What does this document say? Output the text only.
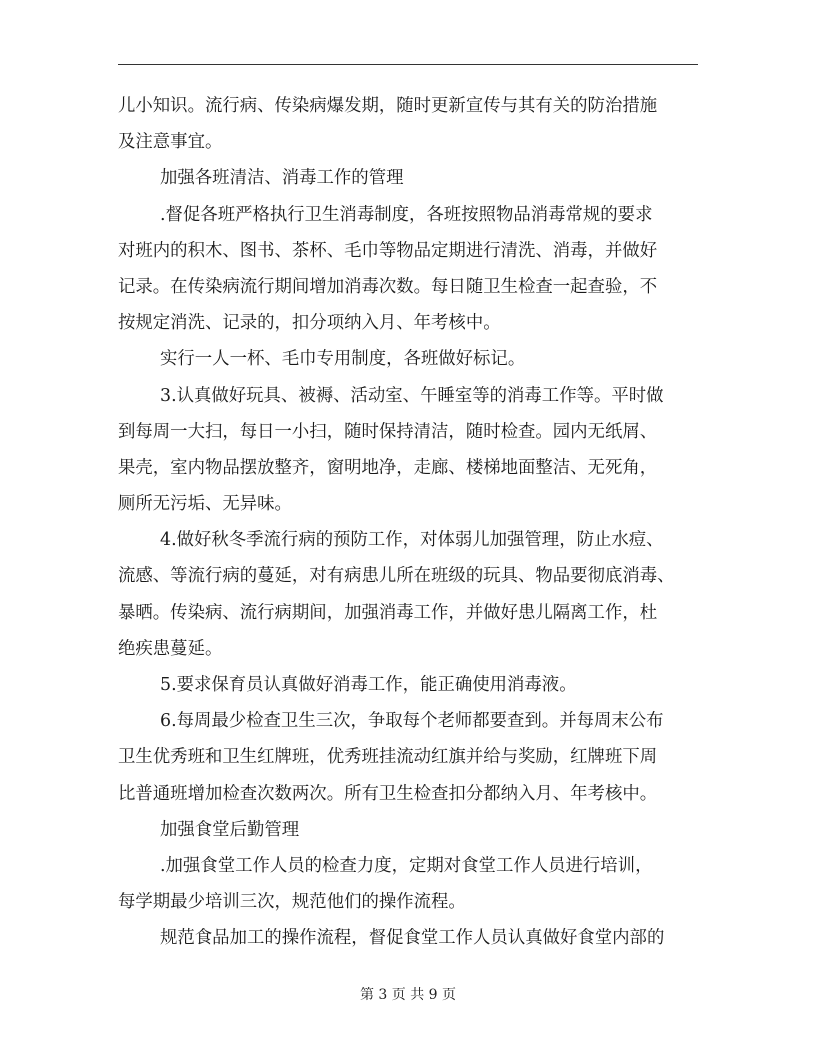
儿小知识。流行病、传染病爆发期，随时更新宣传与其有关的防治措施
及注意事宜。
加强各班清洁、消毒工作的管理
.督促各班严格执行卫生消毒制度，各班按照物品消毒常规的要求
对班内的积木、图书、茶杯、毛巾等物品定期进行清洗、消毒，并做好
记录。在传染病流行期间增加消毒次数。每日随卫生检查一起查验，不
按规定消洗、记录的，扣分项纳入月、年考核中。
实行一人一杯、毛巾专用制度，各班做好标记。
3.认真做好玩具、被褥、活动室、午睡室等的消毒工作等。平时做
到每周一大扫，每日一小扫，随时保持清洁，随时检查。园内无纸屑、
果壳，室内物品摆放整齐，窗明地净，走廊、楼梯地面整洁、无死角，
厕所无污垢、无异味。
4.做好秋冬季流行病的预防工作，对体弱儿加强管理，防止水痘、
流感、等流行病的蔓延，对有病患儿所在班级的玩具、物品要彻底消毒、
暴晒。传染病、流行病期间，加强消毒工作，并做好患儿隔离工作，杜
绝疾患蔓延。
5.要求保育员认真做好消毒工作，能正确使用消毒液。
6.每周最少检查卫生三次，争取每个老师都要查到。并每周末公布
卫生优秀班和卫生红牌班，优秀班挂流动红旗并给与奖励，红牌班下周
比普通班增加检查次数两次。所有卫生检查扣分都纳入月、年考核中。
加强食堂后勤管理
.加强食堂工作人员的检查力度，定期对食堂工作人员进行培训，
每学期最少培训三次，规范他们的操作流程。
规范食品加工的操作流程，督促食堂工作人员认真做好食堂内部的
第 3 页 共 9 页
